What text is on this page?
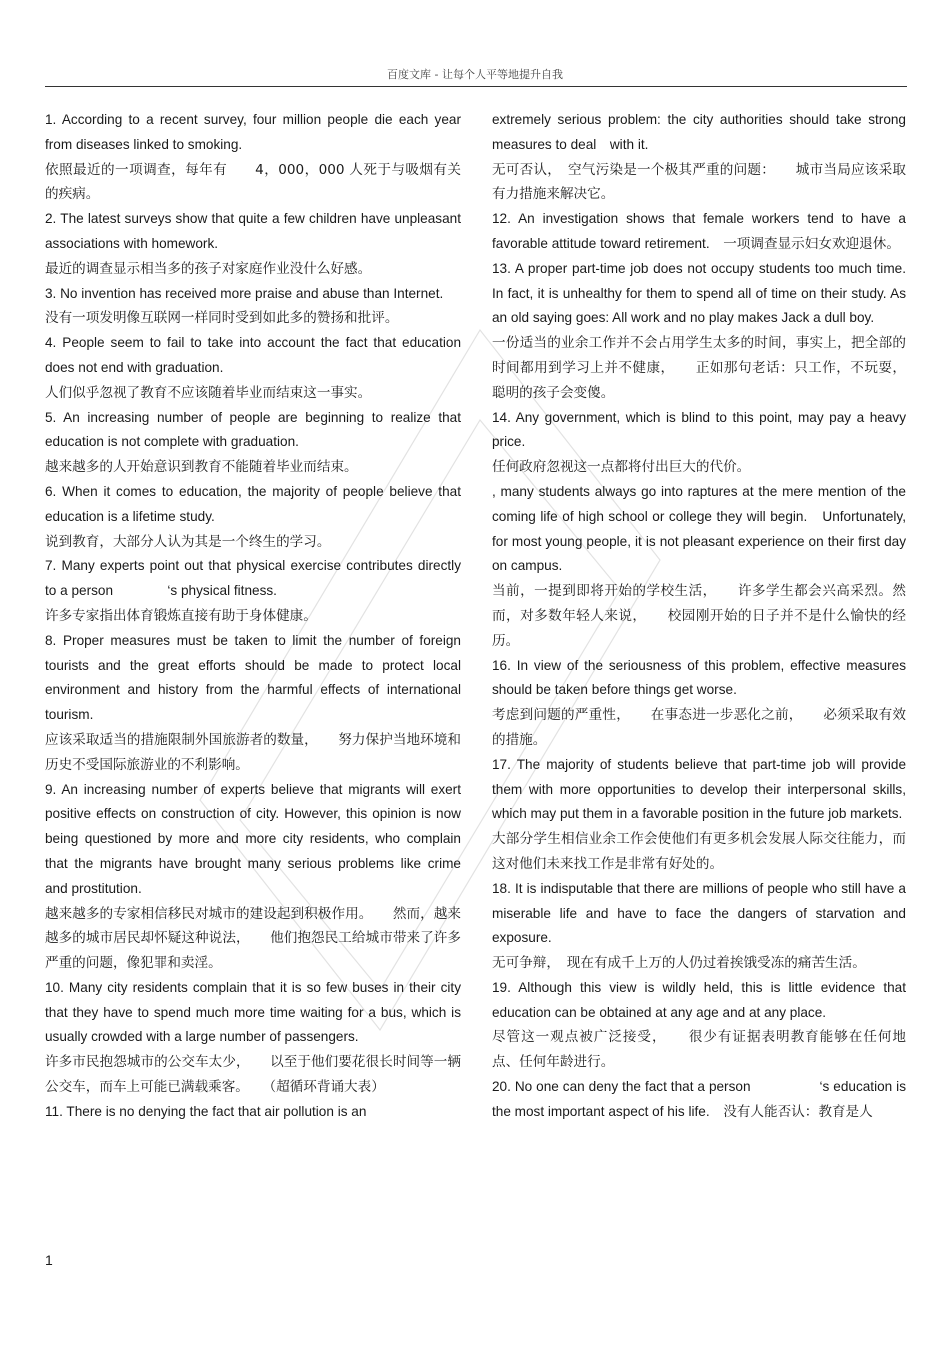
百度文库 - 让每个人平等地提升自我

1. According to a recent survey, four million people die each year from diseases linked to smoking.

依照最近的一项调查，每年有　　4，000，000 人死于与吸烟有关的疾病。

2. The latest surveys show that quite a few children have unpleasant associations with homework.

最近的调查显示相当多的孩子对家庭作业没什么好感。

3. No invention has received more praise and abuse than Internet.

没有一项发明像互联网一样同时受到如此多的赞扬和批评。

4. People seem to fail to take into account the fact that education does not end with graduation.

人们似乎忽视了教育不应该随着毕业而结束这一事实。

5. An increasing number of people are beginning to realize that education is not complete with graduation.

越来越多的人开始意识到教育不能随着毕业而结束。

6. When it comes to education, the majority of people believe that education is a lifetime study.

说到教育，大部分人认为其是一个终生的学习。

7. Many experts point out that physical exercise contributes directly to a person　　　　‘s physical fitness.

许多专家指出体育锻炼直接有助于身体健康。

8. Proper measures must be taken to limit the number of foreign tourists and the great efforts should be made to protect local environment and history from the harmful effects of international tourism.

应该采取适当的措施限制外国旅游者的数量，　　努力保护当地环境和历史不受国际旅游业的不利影响。

9. An increasing number of experts believe that migrants will exert positive effects on construction of city. However, this opinion is now being questioned by more and more city residents, who complain that the migrants have brought many serious problems like crime and prostitution.

越来越多的专家相信移民对城市的建设起到积极作用。　　然而，越来越多的城市居民却怀疑这种说法，　　他们抱怨民工给城市带来了许多严重的问题，像犯罪和卖淫。

10. Many city residents complain that it is so few buses in their city that they have to spend much more time waiting for a bus, which is　usually crowded with a large number of passengers.

许多市民抱怨城市的公交车太少，　　以至于他们要花很长时间等一辆公交车，而车上可能已满载乘客。　　（超循环背诵大表）

11. There is no denying the fact that air pollution is an

extremely serious problem: the city authorities should take strong measures to deal　with it.

无可否认，　空气污染是一个极其严重的问题：　　城市当局应该采取有力措施来解决它。

12. An investigation shows that female workers tend to have a favorable attitude toward retirement.　一项调查显示妇女欢迎退休。

13. A proper part-time job does not occupy students too much time. In fact, it is unhealthy for them to spend all of time on their study. As an old saying goes: All work and no play makes Jack a dull boy.

一份适当的业余工作并不会占用学生太多的时间，事实上，把全部的时间都用到学习上并不健康，　　正如那句老话：只工作，不玩耍，聪明的孩子会变傻。

14. Any government, which is blind to this point, may pay a heavy price.

任何政府忽视这一点都将付出巨大的代价。

, many students always go into raptures at the mere mention of the coming life of high school or college they will begin.　Unfortunately, for most young people, it is not pleasant experience on their first day on campus.

当前，一提到即将开始的学校生活，　　许多学生都会兴高采烈。然而，对多数年轻人来说，　　校园刚开始的日子并不是什么愉快的经历。

16. In view of the seriousness of this problem, effective measures should be taken before things get worse.

考虑到问题的严重性，　　在事态进一步恶化之前，　　必须采取有效的措施。

17. The majority of students believe that part-time job will provide them with more opportunities to develop their interpersonal skills, which may put them in a favorable position in the future job markets.

大部分学生相信业余工作会使他们有更多机会发展人际交往能力，而这对他们未来找工作是非常有好处的。

18. It is indisputable that there are millions of people who still have a miserable life and have to face the dangers of starvation and exposure.

无可争辩，　现在有成千上万的人仍过着挨饿受冻的痛苦生活。

19. Although this view is wildly held, this is little evidence that education can be obtained at any age and at any place.

尽管这一观点被广泛接受，　　很少有证据表明教育能够在任何地点、任何年龄进行。

20. No one can deny the fact that a person　　　　　‘s education is the most important aspect of his life.　没有人能否认：教育是人

1
